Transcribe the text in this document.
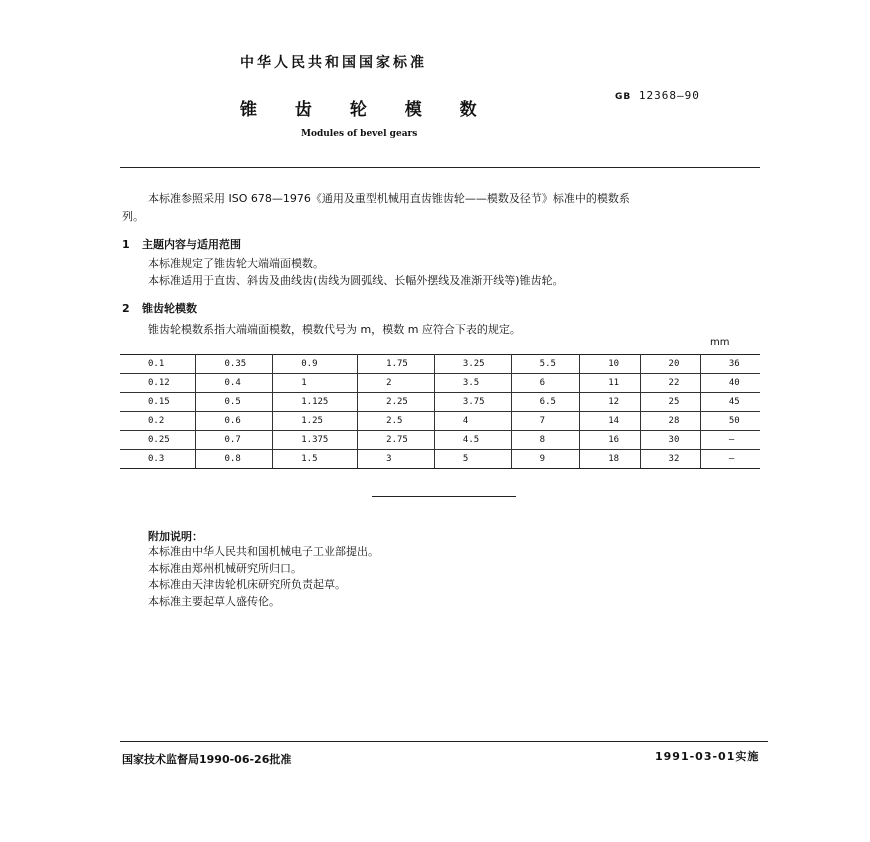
中华人民共和国国家标准
锥 齿 轮 模 数
GB 12368—90
Modules of bevel gears
本标准参照采用 ISO 678—1976《通用及重型机械用直齿锥齿轮——模数及径节》标准中的模数系
列。
1 主题内容与适用范围
本标准规定了锥齿轮大端端面模数。
本标准适用于直齿、斜齿及曲线齿(齿线为圆弧线、长幅外摆线及准渐开线等)锥齿轮。
2 锥齿轮模数
锥齿轮模数系指大端端面模数，模数代号为 m，模数 m 应符合下表的规定。
mm
0.1	0.35	0.9	1.75	3.25	5.5	10	20	36
0.12	0.4	1	2	3.5	6	11	22	40
0.15	0.5	1.125	2.25	3.75	6.5	12	25	45
0.2	0.6	1.25	2.5	4	7	14	28	50
0.25	0.7	1.375	2.75	4.5	8	16	30	—
0.3	0.8	1.5	3	5	9	18	32	—
附加说明：
本标准由中华人民共和国机械电子工业部提出。
本标准由郑州机械研究所归口。
本标准由天津齿轮机床研究所负责起草。
本标准主要起草人盛传伦。
国家技术监督局1990-06-26批准	1991-03-01实施
